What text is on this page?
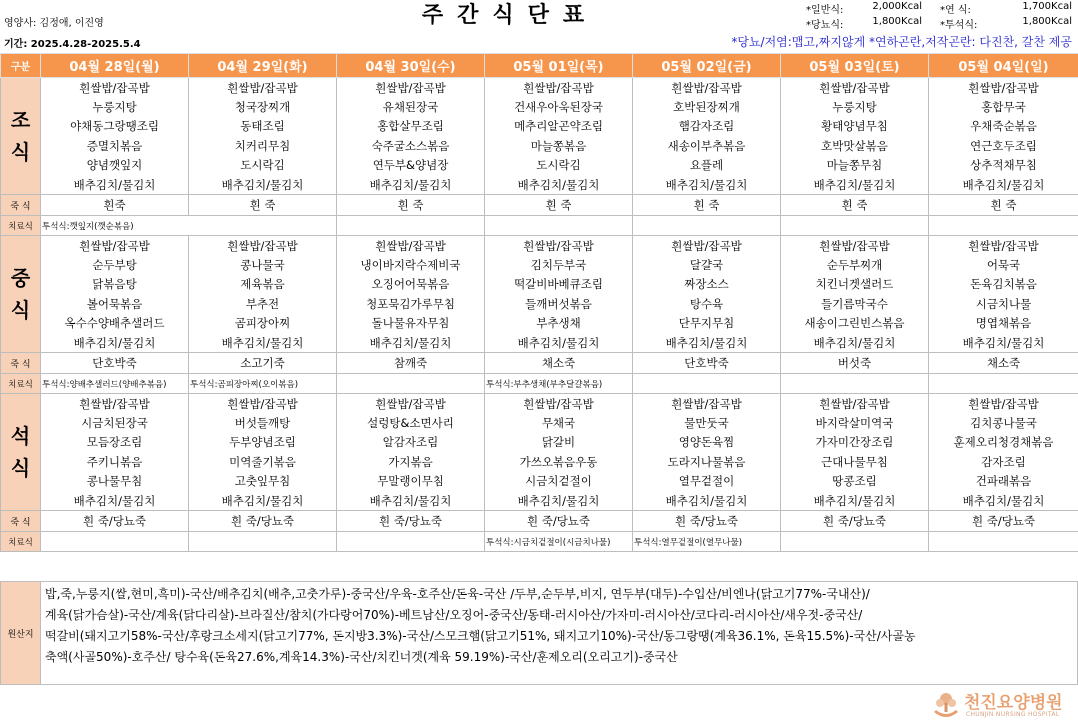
영양사: 김정애, 이진영
기간: 2025.4.28-2025.5.4
주간식단표	*일반식:	2,000Kcal *연 식:	1,700Kcal
*당뇨식:	1,800Kcal *투석식:	1,800Kcal
*당뇨/저염:맵고,짜지않게 *연하곤란,저작곤란: 다진찬, 갈찬 제공
구분	04월 28일(월)	04월 29일(화)	04월 30일(수)	05월 01일(목)	05월 02일(금)	05월 03일(토)	05월 04일(일)

조
식	흰쌀밥/잡곡밥	흰쌀밥/잡곡밥	흰쌀밥/잡곡밥	흰쌀밥/잡곡밥	흰쌀밥/잡곡밥	흰쌀밥/잡곡밥	흰쌀밥/잡곡밥
	누룽지탕	청국장찌개	유채된장국	건새우아욱된장국	호박된장찌개	누룽지탕	홍합무국
	야채동그랑땡조림	동태조림	홍합살무조림	메추리알곤약조림	햄감자조림	황태양념무침	우채죽순볶음
	증멸치볶음	치커리무침	숙주굴소스볶음	마늘쫑볶음	새송이부추볶음	호박맛살볶음	연근호두조림
	양념깻잎지	도시락김	연두부&양념장	도시락김	요플레	마늘쫑무침	상추적채무침
	배추김치/물김치	배추김치/물김치	배추김치/물김치	배추김치/물김치	배추김치/물김치	배추김치/물김치	배추김치/물김치
죽 식	흰죽	흰 죽	흰 죽	흰 죽	흰 죽	흰 죽	흰 죽
치료식	투석식:깻잎지(깻순볶음)						

중
식	흰쌀밥/잡곡밥	흰쌀밥/잡곡밥	흰쌀밥/잡곡밥	흰쌀밥/잡곡밥	흰쌀밥/잡곡밥	흰쌀밥/잡곡밥	흰쌀밥/잡곡밥
	순두부탕	콩나물국	냉이바지락수제비국	김치두부국	달걀국	순두부찌개	어묵국
	닭볶음탕	제육볶음	오징어어묵볶음	떡갈비바베큐조림	짜장소스	치킨너겟샐러드	돈육김치볶음
	볼어묵볶음	부추전	청포묵김가루무침	들깨버섯볶음	탕수육	들기름막국수	시금치나물
	옥수수양배추샐러드	곰피장아찌	돌나물유자무침	부추생채	단무지무침	새송이그린빈스볶음	명엽채볶음
	배추김치/물김치	배추김치/물김치	배추김치/물김치	배추김치/물김치	배추김치/물김치	배추김치/물김치	배추김치/물김치
죽 식	단호박죽	소고기죽	참깨죽	채소죽	단호박죽	버섯죽	채소죽
치료식	투석식:양배추샐러드(양배추볶음)	투석식:곰피장아찌(오이볶음)		투석식:부추생채(부추달걀볶음)			

석
식	흰쌀밥/잡곡밥	흰쌀밥/잡곡밥	흰쌀밥/잡곡밥	흰쌀밥/잡곡밥	흰쌀밥/잡곡밥	흰쌀밥/잡곡밥	흰쌀밥/잡곡밥
	시금치된장국	버섯들깨탕	설렁탕&소면사리	무채국	물만둣국	바지락살미역국	김치콩나물국
	모듬장조림	두부양념조림	알감자조림	닭갈비	영양돈육찜	가자미간장조림	훈제오리청경채볶음
	주키니볶음	미역줄기볶음	가지볶음	가쓰오볶음우동	도라지나물볶음	근대나물무침	감자조림
	콩나물무침	고춧잎무침	무말랭이무침	시금치겉절이	열무겉절이	땅콩조림	건파래볶음
	배추김치/물김치	배추김치/물김치	배추김치/물김치	배추김치/물김치	배추김치/물김치	배추김치/물김치	배추김치/물김치
죽 식	흰 죽/당뇨죽	흰 죽/당뇨죽	흰 죽/당뇨죽	흰 죽/당뇨죽	흰 죽/당뇨죽	흰 죽/당뇨죽	흰 죽/당뇨죽
치료식				투석식:시금치겉절이(시금치나물)	투석식:열무겉절이(열무나물)		
원산지
밥,죽,누룽지(쌀,현미,흑미)-국산/배추김치(배추,고춧가루)-중국산/우육-호주산/돈육-국산 /두부,순두부,비지, 연두부(대두)-수입산/비엔나(닭고기77%-국내산)/
계육(닭가슴살)-국산/계육(닭다리살)-브라질산/참치(가다랑어70%)-베트남산/오징어-중국산/동태-러시아산/가자미-러시아산/코다리-러시아산/새우젓-중국산/
떡갈비(돼지고기58%-국산/후랑크소세지(닭고기77%, 돈지방3.3%)-국산/스모크햄(닭고기51%, 돼지고기10%)-국산/동그랑땡(계육36.1%, 돈육15.5%)-국산/사골농
축액(사골50%)-호주산/ 탕수육(돈육27.6%,계육14.3%)-국산/치킨너겟(계육 59.19%)-국산/훈제오리(오리고기)-중국산
천진요양병원
CHUNJIN NURSING HOSPITAL
